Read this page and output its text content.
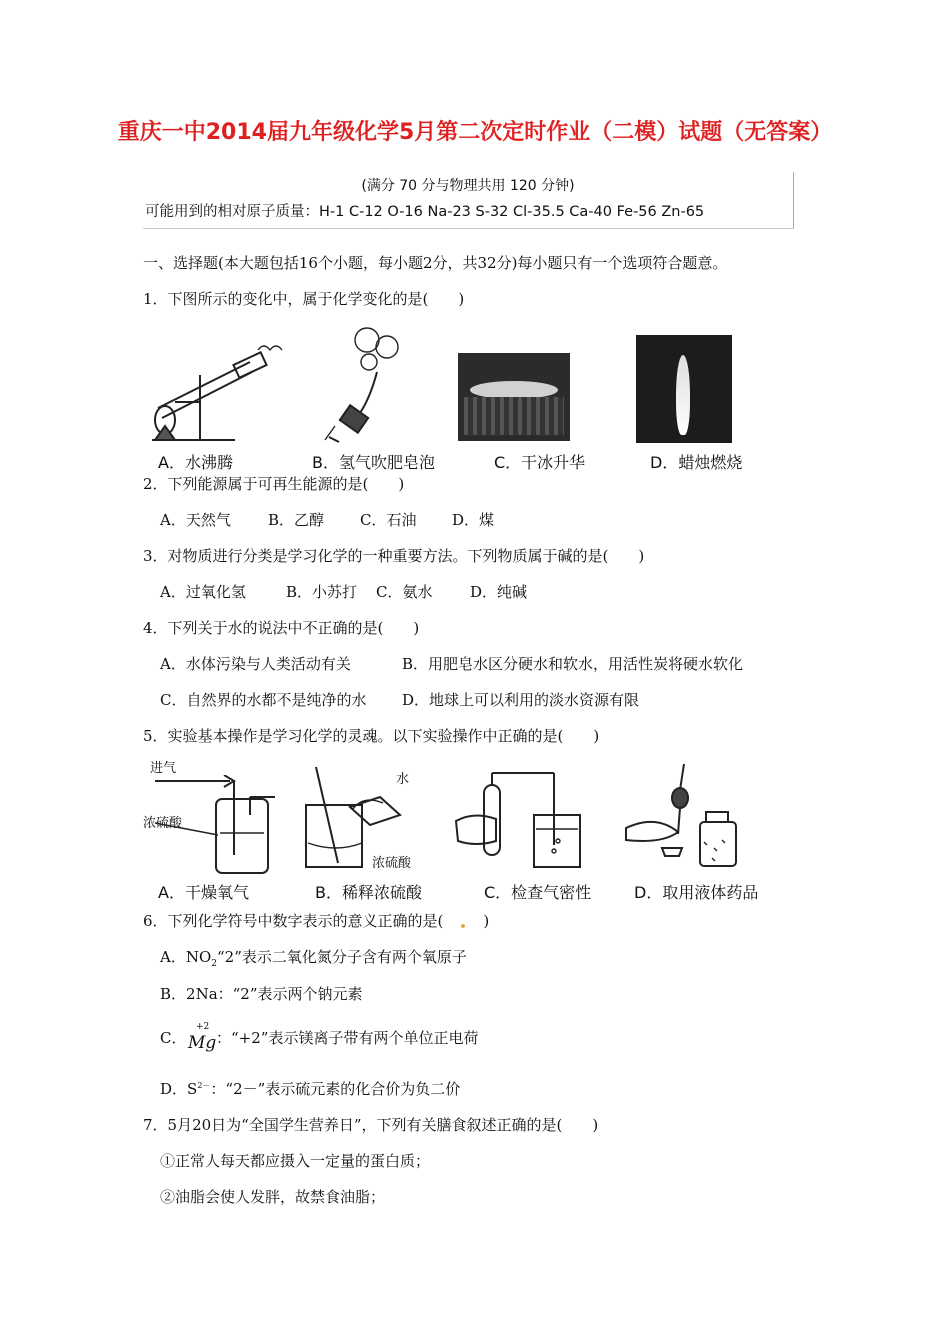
重庆一中2014届九年级化学5月第二次定时作业（二模）试题（无答案）
(满分 70 分与物理共用 120 分钟)
可能用到的相对原子质量：H-1 C-12 O-16 Na-23 S-32 Cl-35.5 Ca-40 Fe-56 Zn-65
一、选择题(本大题包括16个小题，每小题2分，共32分)每小题只有一个选项符合题意。
1．下图所示的变化中，属于化学变化的是(　　)
A．水沸腾	B．氢气吹肥皂泡	C．干冰升华	D．蜡烛燃烧
2．下列能源属于可再生能源的是(　　)
A．天然气 B．乙醇 C．石油 D．煤
3．对物质进行分类是学习化学的一种重要方法。下列物质属于碱的是(　　)
A．过氧化氢	B．小苏打 C．氨水	D．纯碱
4．下列关于水的说法中不正确的是(　　)
A．水体污染与人类活动有关	B．用肥皂水区分硬水和软水，用活性炭将硬水软化
C．自然界的水都不是纯净的水 D．地球上可以利用的淡水资源有限
5．实验基本操作是学习化学的灵魂。以下实验操作中正确的是(　　)
进气
浓硫酸
水
浓硫酸
A．干燥氧气	B．稀释浓硫酸	C．检查气密性	D．取用液体药品
6．下列化学符号中数字表示的意义正确的是(	)
A．$NO_2“2$”表示二氧化氮分子含有两个氧原子
B．2Na：“2”表示两个钠元素
C．
+2
Mg ：“+2”表示镁离子带有两个单位正电荷
D．$S^{2-}$：“2－”表示硫元素的化合价为负二价
7．5月20日为“全国学生营养日”，下列有关膳食叙述正确的是(　　)
①正常人每天都应摄入一定量的蛋白质；
②油脂会使人发胖，故禁食油脂；
